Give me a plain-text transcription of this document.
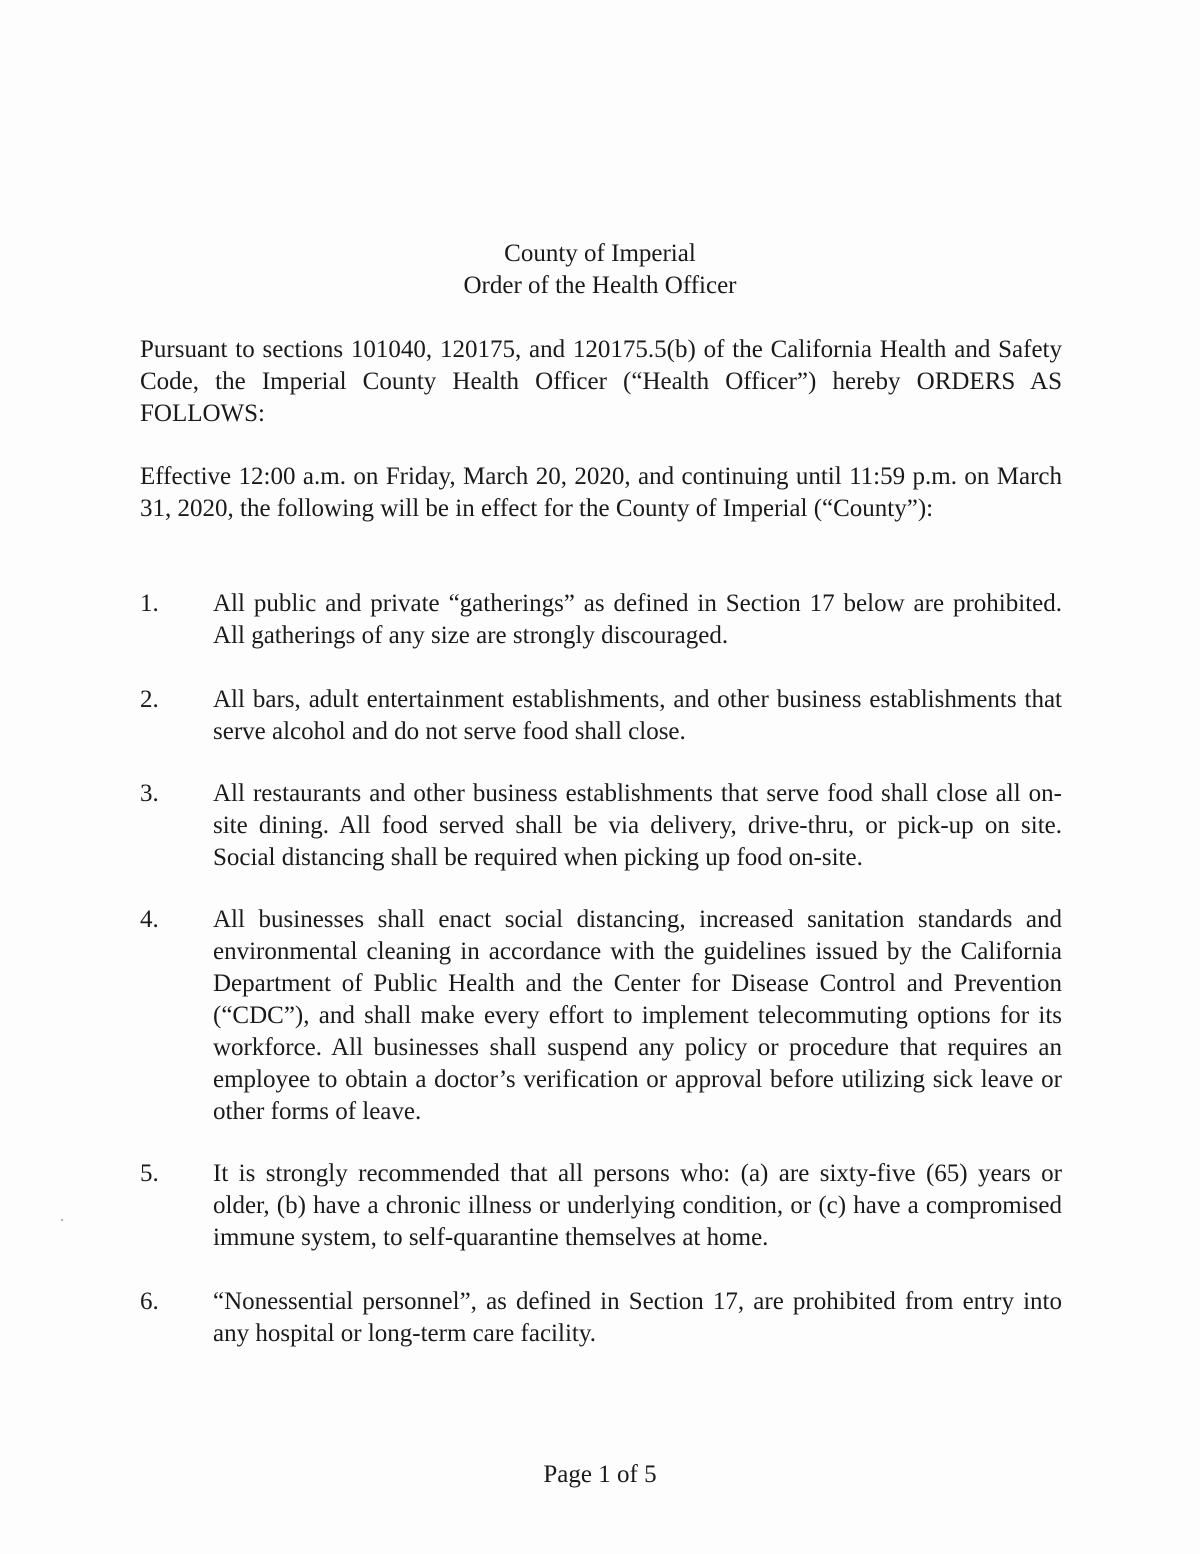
County of Imperial
Order of the Health Officer
Pursuant to sections 101040, 120175, and 120175.5(b) of the California Health and Safety Code, the Imperial County Health Officer (“Health Officer”) hereby ORDERS AS FOLLOWS:
Effective 12:00 a.m. on Friday, March 20, 2020, and continuing until 11:59 p.m. on March 31, 2020, the following will be in effect for the County of Imperial (“County”):
1.	All public and private “gatherings” as defined in Section 17 below are prohibited. All gatherings of any size are strongly discouraged.
2.	All bars, adult entertainment establishments, and other business establishments that serve alcohol and do not serve food shall close.
3.	All restaurants and other business establishments that serve food shall close all on-site dining. All food served shall be via delivery, drive-thru, or pick-up on site. Social distancing shall be required when picking up food on-site.
4.	All businesses shall enact social distancing, increased sanitation standards and environmental cleaning in accordance with the guidelines issued by the California Department of Public Health and the Center for Disease Control and Prevention (“CDC”), and shall make every effort to implement telecommuting options for its workforce. All businesses shall suspend any policy or procedure that requires an employee to obtain a doctor’s verification or approval before utilizing sick leave or other forms of leave.
5.	It is strongly recommended that all persons who: (a) are sixty-five (65) years or older, (b) have a chronic illness or underlying condition, or (c) have a compromised immune system, to self-quarantine themselves at home.
6.	“Nonessential personnel”, as defined in Section 17, are prohibited from entry into any hospital or long-term care facility.
Page 1 of 5
